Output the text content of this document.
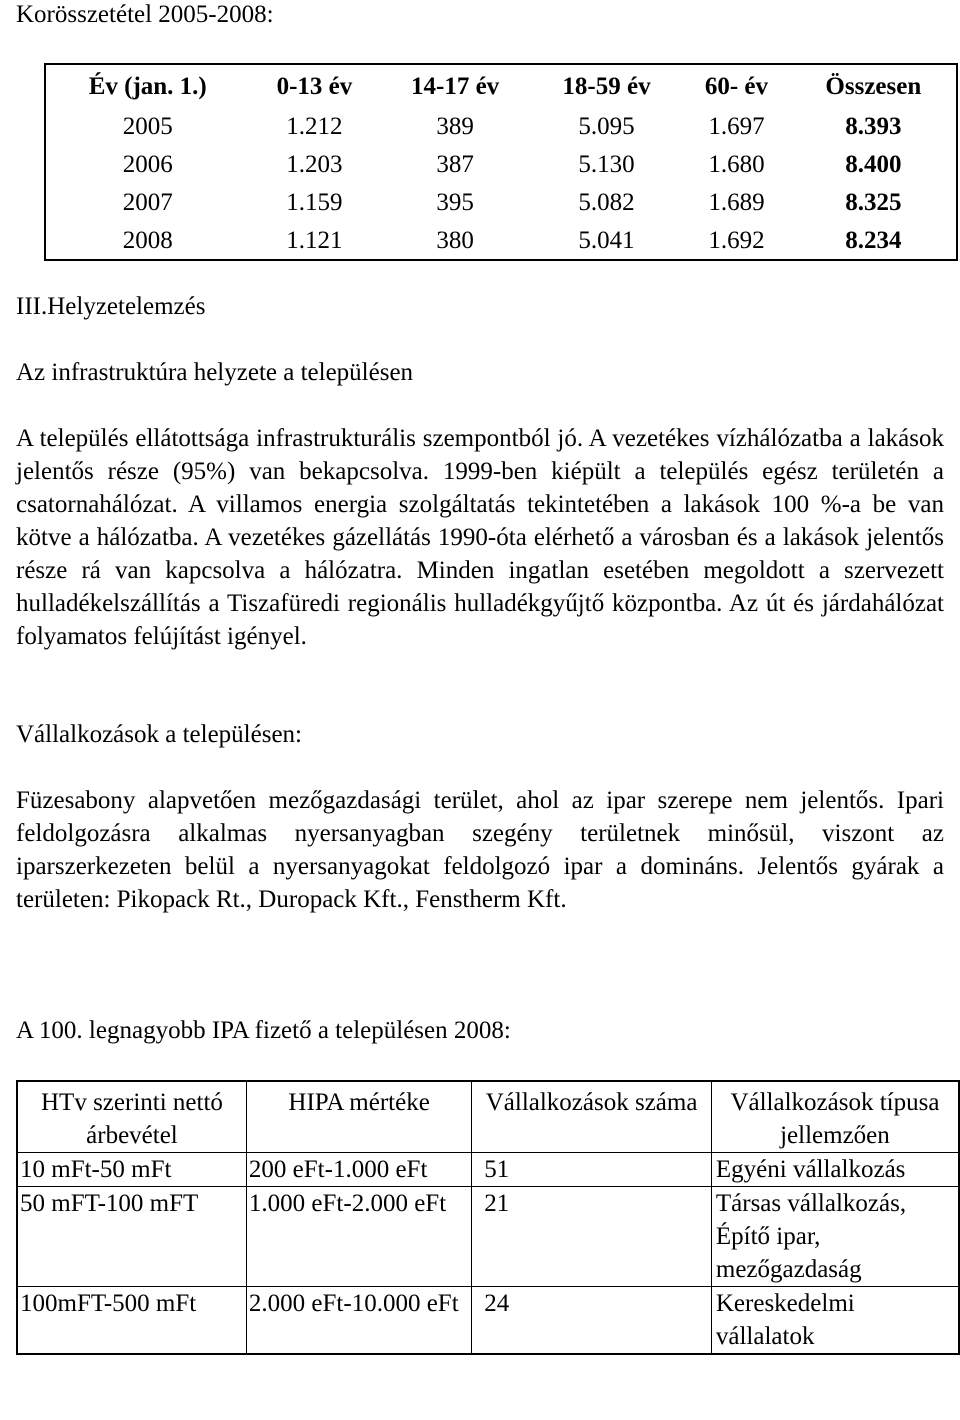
Korösszetétel 2005-2008:

Év (jan. 1.)	0-13 év	14-17 év	18-59 év	60- év	Összesen
2005	1.212	389	5.095	1.697	8.393
2006	1.203	387	5.130	1.680	8.400
2007	1.159	395	5.082	1.689	8.325
2008	1.121	380	5.041	1.692	8.234

III.Helyzetelemzés

Az infrastruktúra helyzete a településen

A település ellátottsága infrastrukturális szempontból jó. A vezetékes vízhálózatba a lakások jelentős része (95%) van bekapcsolva. 1999-ben kiépült a település egész területén a csatornahálózat. A villamos energia szolgáltatás tekintetében a lakások 100 %-a be van kötve a hálózatba. A vezetékes gázellátás 1990-óta elérhető a városban és a lakások jelentős része rá van kapcsolva a hálózatra. Minden ingatlan esetében megoldott a szervezett hulladékelszállítás a Tiszafüredi regionális hulladékgyűjtő központba. Az út és járdahálózat folyamatos felújítást igényel.

Vállalkozások a településen:

Füzesabony alapvetően mezőgazdasági terület, ahol az ipar szerepe nem jelentős. Ipari feldolgozásra alkalmas nyersanyagban szegény területnek minősül, viszont az iparszerkezeten belül a nyersanyagokat feldolgozó ipar a domináns. Jelentős gyárak a területen: Pikopack Rt., Duropack Kft., Fenstherm Kft.

A 100. legnagyobb IPA fizető a településen 2008:

HTv szerinti nettó árbevétel	HIPA mértéke	Vállalkozások száma	Vállalkozások típusa jellemzően
10 mFt-50 mFt	200 eFt-1.000 eFt	51	Egyéni vállalkozás
50 mFT-100 mFT	1.000 eFt-2.000 eFt	21	Társas vállalkozás, Építő ipar, mezőgazdaság
100mFT-500 mFt	2.000 eFt-10.000 eFt	24	Kereskedelmi vállalatok
